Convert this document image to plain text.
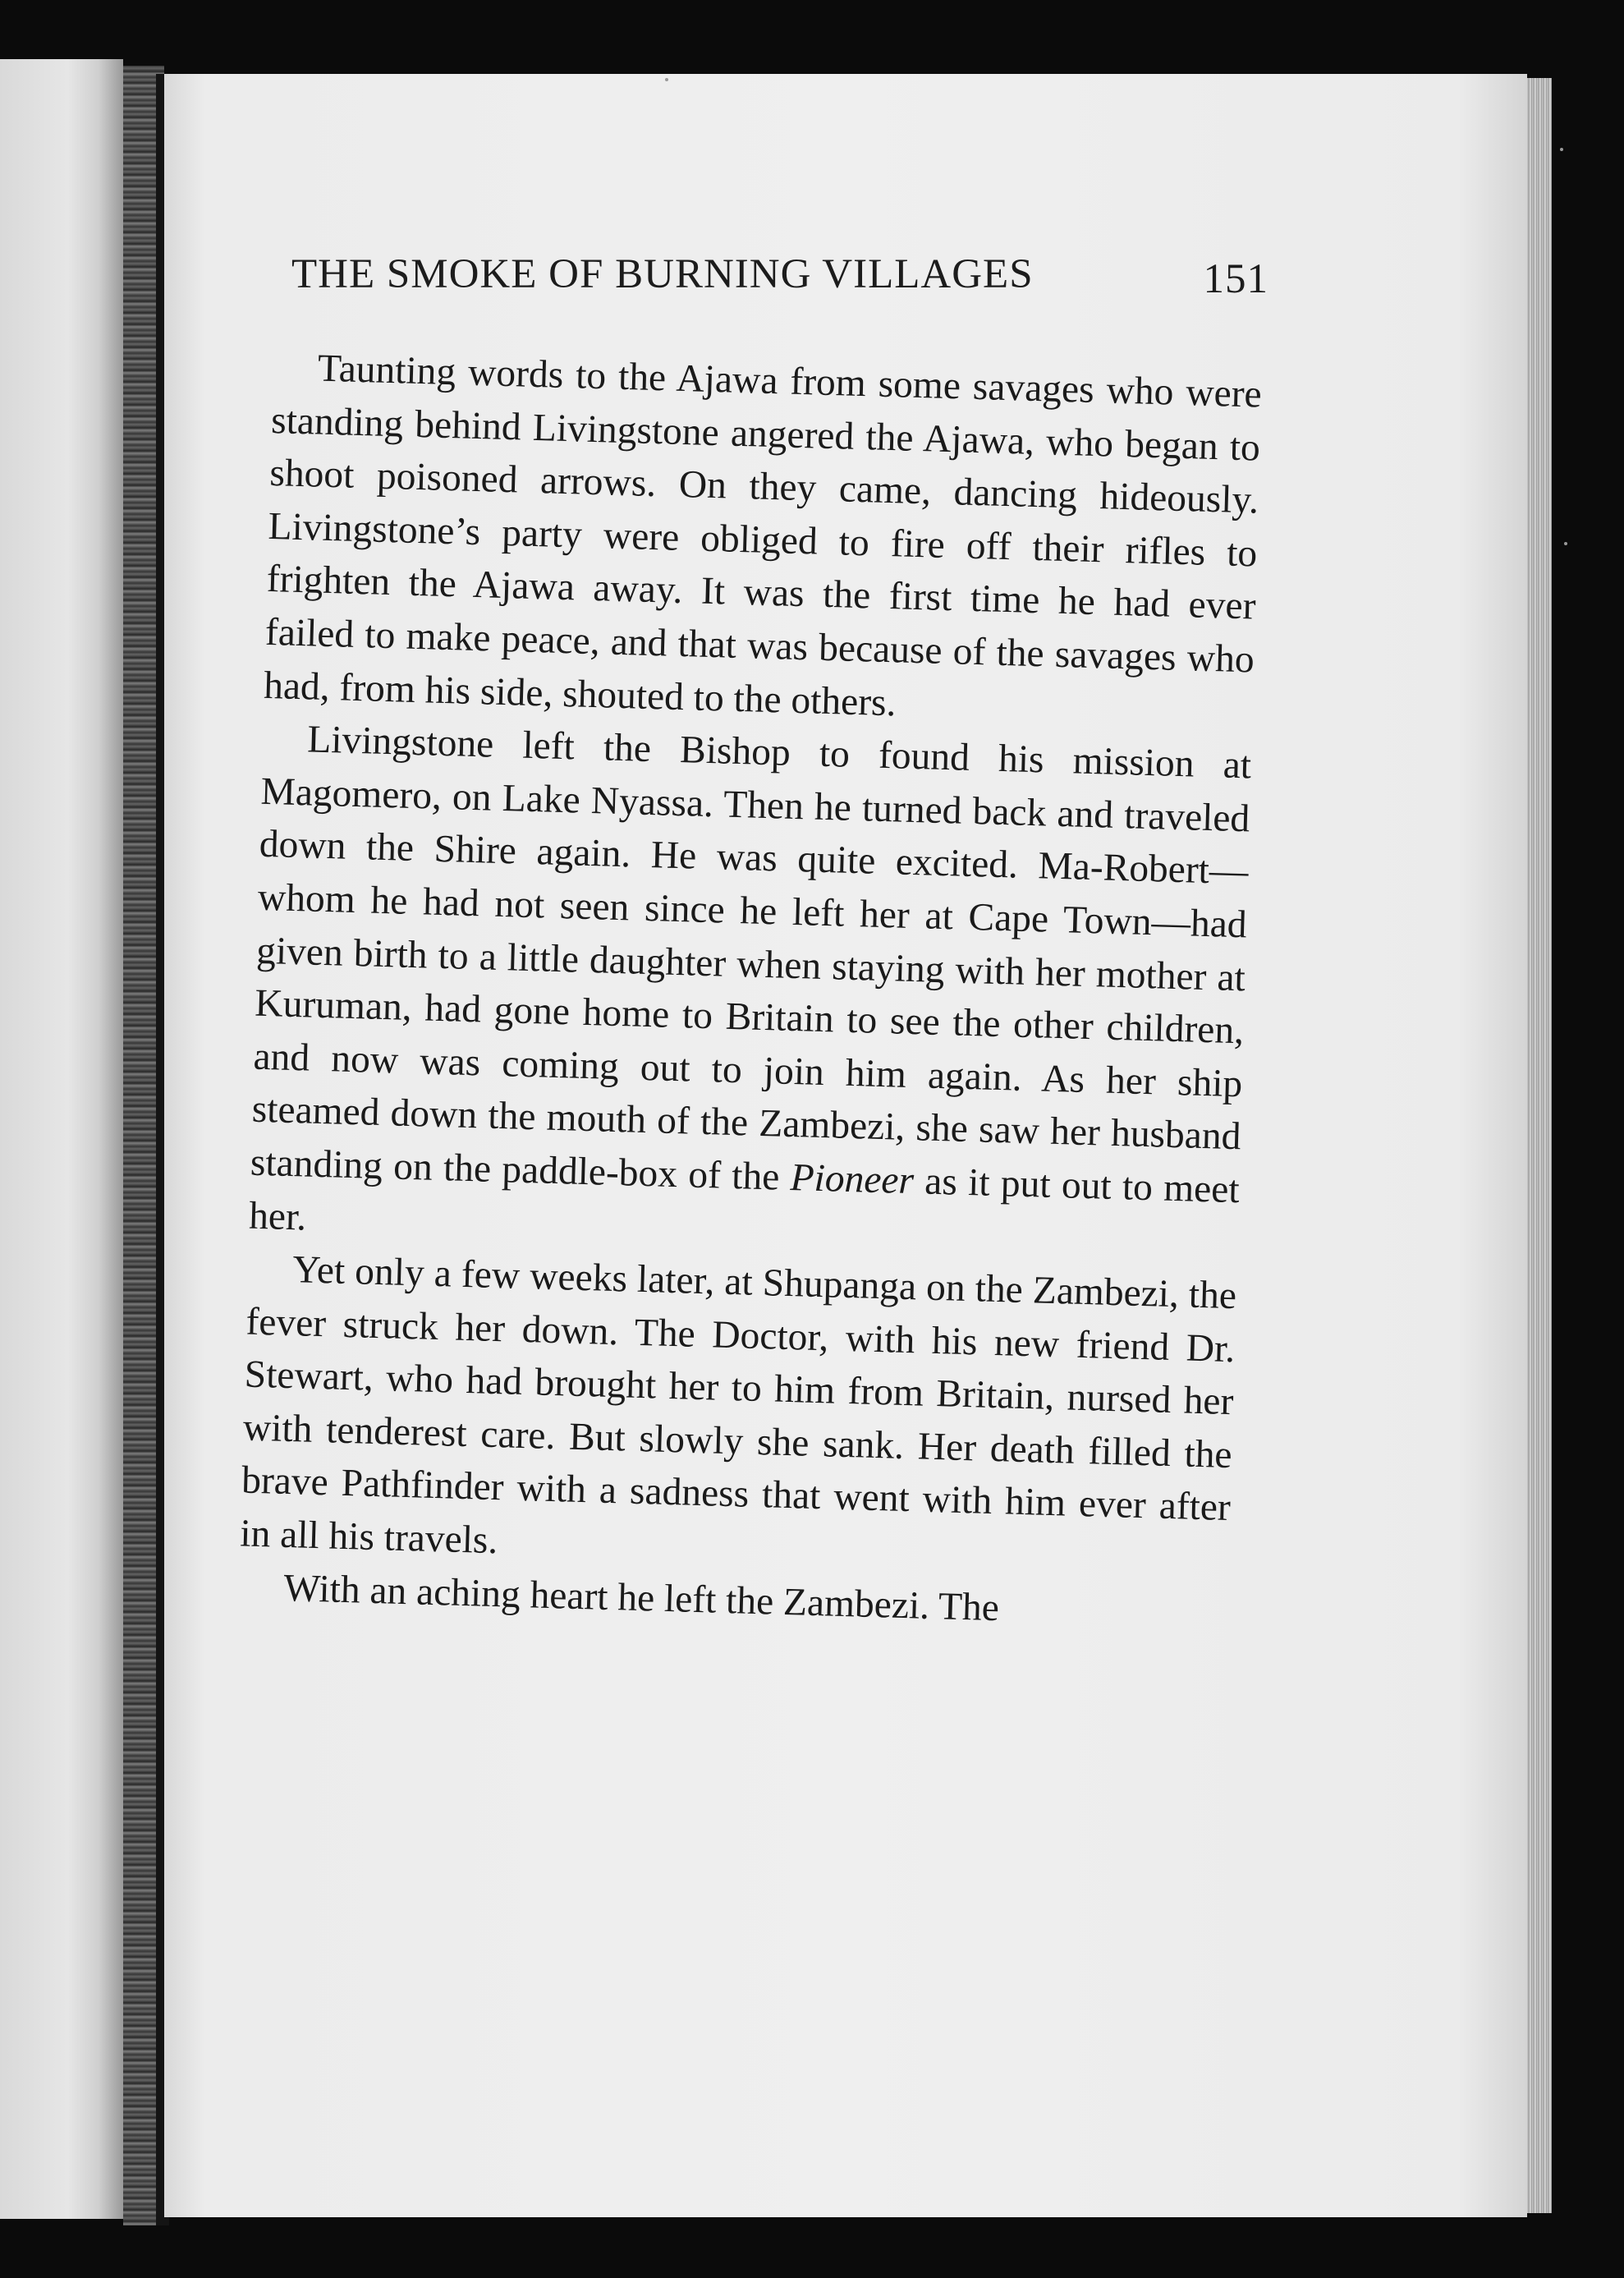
THE SMOKE OF BURNING VILLAGES	151

Taunting words to the Ajawa from some savages who were standing behind Livingstone angered the Ajawa, who began to shoot poisoned arrows. On they came, dancing hideously. Livingstone’s party were obliged to fire off their rifles to frighten the Ajawa away. It was the first time he had ever failed to make peace, and that was because of the savages who had, from his side, shouted to the others.

Livingstone left the Bishop to found his mission at Magomero, on Lake Nyassa. Then he turned back and traveled down the Shire again. He was quite excited. Ma-Robert—whom he had not seen since he left her at Cape Town—had given birth to a little daughter when staying with her mother at Kuruman, had gone home to Britain to see the other children, and now was coming out to join him again. As her ship steamed down the mouth of the Zambezi, she saw her husband standing on the paddle-box of the Pioneer as it put out to meet her.

Yet only a few weeks later, at Shupanga on the Zambezi, the fever struck her down. The Doctor, with his new friend Dr. Stewart, who had brought her to him from Britain, nursed her with tenderest care. But slowly she sank. Her death filled the brave Pathfinder with a sadness that went with him ever after in all his travels.

With an aching heart he left the Zambezi. The
